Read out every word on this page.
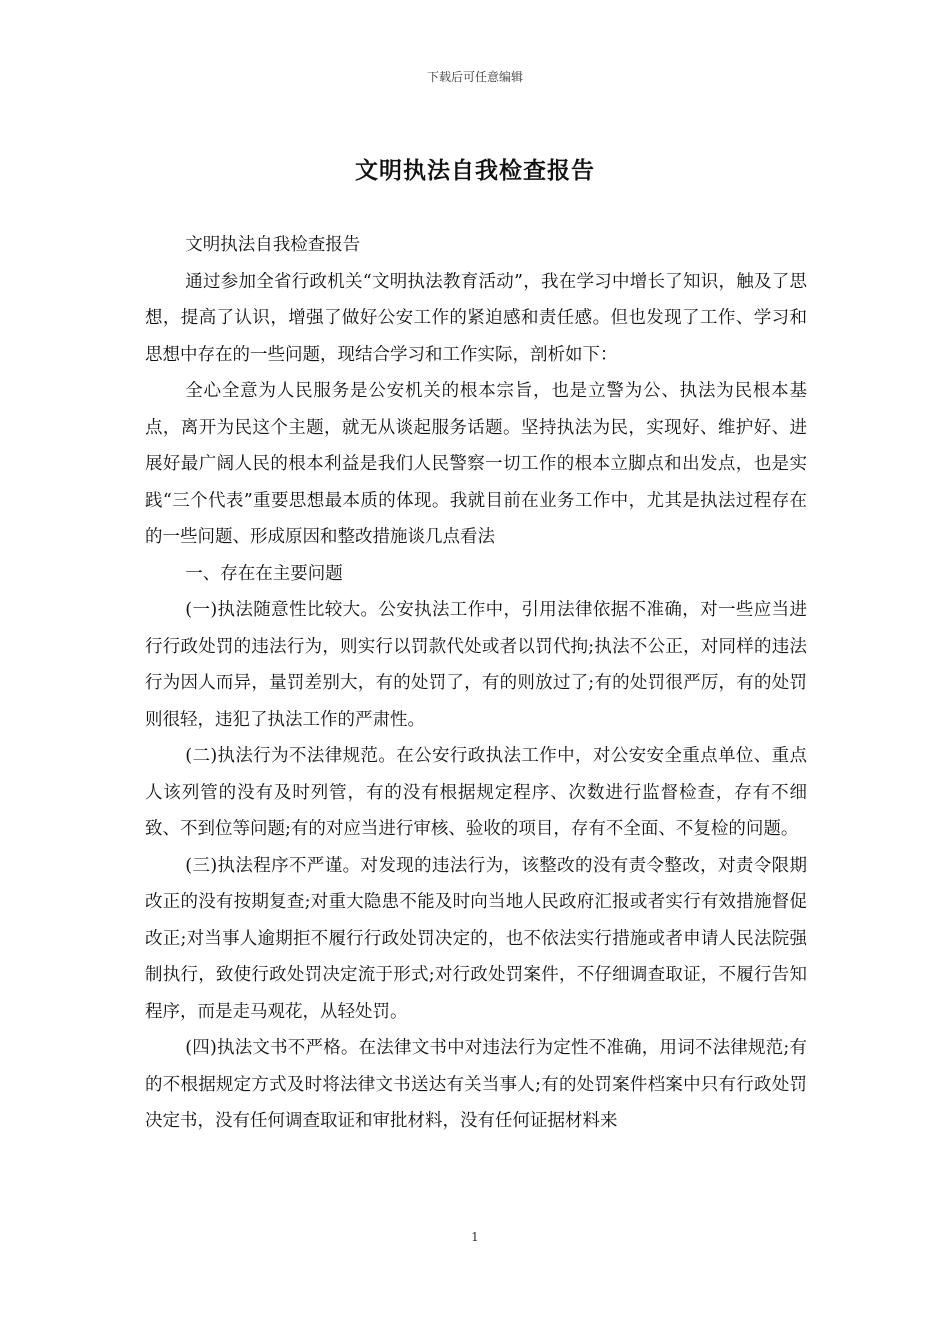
下载后可任意编辑
文明执法自我检查报告

文明执法自我检查报告

通过参加全省行政机关“文明执法教育活动”，我在学习中增长了知识，触及了思想，提高了认识，增强了做好公安工作的紧迫感和责任感。但也发现了工作、学习和思想中存在的一些问题，现结合学习和工作实际，剖析如下：

全心全意为人民服务是公安机关的根本宗旨，也是立警为公、执法为民根本基点，离开为民这个主题，就无从谈起服务话题。坚持执法为民，实现好、维护好、进展好最广阔人民的根本利益是我们人民警察一切工作的根本立脚点和出发点，也是实践“三个代表”重要思想最本质的体现。我就目前在业务工作中，尤其是执法过程存在的一些问题、形成原因和整改措施谈几点看法

一、存在在主要问题

(一)执法随意性比较大。公安执法工作中，引用法律依据不准确，对一些应当进行行政处罚的违法行为，则实行以罚款代处或者以罚代拘;执法不公正，对同样的违法行为因人而异，量罚差别大，有的处罚了，有的则放过了;有的处罚很严厉，有的处罚则很轻，违犯了执法工作的严肃性。

(二)执法行为不法律规范。在公安行政执法工作中，对公安安全重点单位、重点人该列管的没有及时列管，有的没有根据规定程序、次数进行监督检查，存有不细致、不到位等问题;有的对应当进行审核、验收的项目，存有不全面、不复检的问题。

(三)执法程序不严谨。对发现的违法行为，该整改的没有责令整改，对责令限期改正的没有按期复查;对重大隐患不能及时向当地人民政府汇报或者实行有效措施督促改正;对当事人逾期拒不履行行政处罚决定的，也不依法实行措施或者申请人民法院强制执行，致使行政处罚决定流于形式;对行政处罚案件，不仔细调查取证，不履行告知程序，而是走马观花，从轻处罚。

(四)执法文书不严格。在法律文书中对违法行为定性不准确，用词不法律规范;有的不根据规定方式及时将法律文书送达有关当事人;有的处罚案件档案中只有行政处罚决定书，没有任何调查取证和审批材料，没有任何证据材料来

1
